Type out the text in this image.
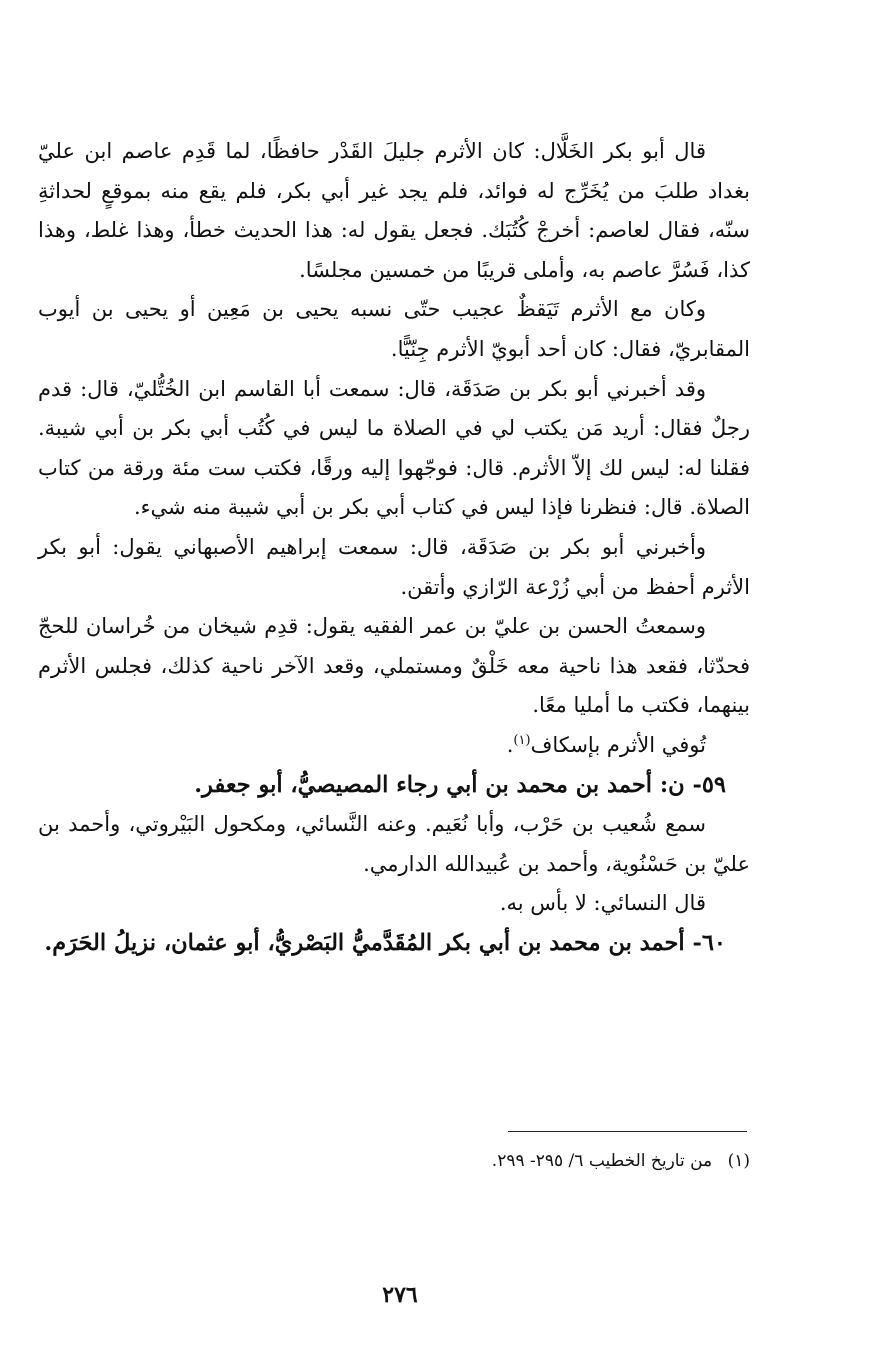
قال أبو بكر الخَلَّال: كان الأثرم جليلَ القَدْر حافظًا، لما قَدِم عاصم ابن عليّ بغداد طلبَ من يُخَرِّج له فوائد، فلم يجد غير أبي بكر، فلم يقع منه بموقعٍ لحداثةِ سنّه، فقال لعاصم: أخرجْ كُتُبَك. فجعل يقول له: هذا الحديث خطأ، وهذا غلط، وهذا كذا، فَسُرَّ عاصم به، وأملى قريبًا من خمسين مجلسًا.

وكان مع الأثرم تَيَقظٌ عجيب حتّى نسبه يحيى بن مَعِين أو يحيى بن أيوب المقابريّ، فقال: كان أحد أبويّ الأثرم جِنّيًّا.

وقد أخبرني أبو بكر بن صَدَقَة، قال: سمعت أبا القاسم ابن الخُتُّليّ، قال: قدم رجلٌ فقال: أريد مَن يكتب لي في الصلاة ما ليس في كُتُب أبي بكر بن أبي شيبة. فقلنا له: ليس لك إلاّ الأثرم. قال: فوجّهوا إليه ورقًا، فكتب ست مئة ورقة من كتاب الصلاة. قال: فنظرنا فإذا ليس في كتاب أبي بكر بن أبي شيبة منه شيء.

وأخبرني أبو بكر بن صَدَقَة، قال: سمعت إبراهيم الأصبهاني يقول: أبو بكر الأثرم أحفظ من أبي زُرْعة الرّازي وأتقن.

وسمعتُ الحسن بن عليّ بن عمر الفقيه يقول: قدِم شيخان من خُراسان للحجّ فحدّثا، فقعد هذا ناحية معه خَلْقٌ ومستملي، وقعد الآخر ناحية كذلك، فجلس الأثرم بينهما، فكتب ما أمليا معًا.

تُوفي الأثرم بإسكاف$^{(١)}$.

٥٩- ن: أحمد بن محمد بن أبي رجاء المصيصيُّ، أبو جعفر.

سمع شُعيب بن حَرْب، وأبا نُعَيم. وعنه النَّسائي، ومكحول البَيْروتي، وأحمد بن عليّ بن حَسْنُوية، وأحمد بن عُبيدالله الدارمي.

قال النسائي: لا بأس به.

٦٠- أحمد بن محمد بن أبي بكر المُقَدَّميُّ البَصْريُّ، أبو عثمان، نزيلُ الحَرَم.

(١) من تاريخ الخطيب ٦/ ٢٩٥- ٢٩٩.
٢٧٦
